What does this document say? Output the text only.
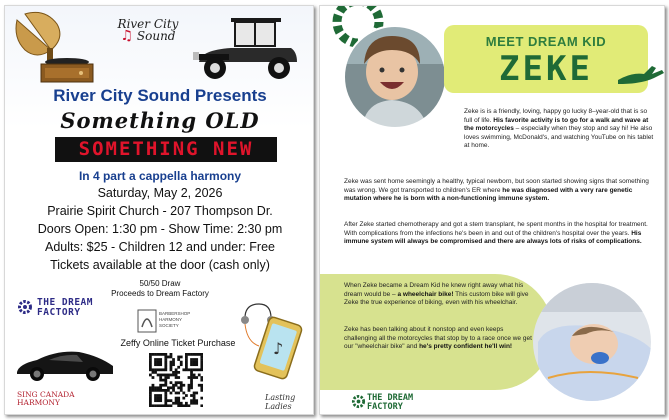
River City
♫ Sound
River City Sound Presents
Something OLD
SOMETHING NEW
In 4 part a cappella harmony
Saturday, May 2, 2026
Prairie Spirit Church - 207 Thompson Dr.
Doors Open: 1:30 pm - Show Time: 2:30 pm
Adults: $25 - Children 12 and under: Free
Tickets available at the door (cash only)
50/50 Draw
Proceeds to Dream Factory
THE DREAM
FACTORY	BARBERSHOP
HARMONY
SOCIETY
♪
Zeffy Online Ticket Purchase
SING CANADA
HARMONY
Lasting Ladies
MEET DREAM KID
ZEKE
Zeke is is a friendly, loving, happy go lucky 8–year-old that is so full of life. His favorite activity is to go for a walk and wave at the motorcycles – especially when they stop and say hi! He also loves swimming, McDonald's, and watching YouTube on his tablet at home.
Zeke was sent home seemingly a healthy, typical newborn, but soon started showing signs that something was wrong. We got transported to children's ER where he was diagnosed with a very rare genetic mutation where he is born with a non-functioning immune system.
After Zeke started chemotherapy and got a stem transplant, he spent months in the hospital for treatment. With complications from the infections he's been in and out of the children's hospital over the years. His immune system will always be compromised and there are always lots of risks of complications.
When Zeke became a Dream Kid he knew right away what his dream would be – a wheelchair bike! This custom bike will give Zeke the true experience of biking, even with his wheelchair.
Zeke has been talking about it nonstop and even keeps challenging all the motorcycles that stop by to a race once we get our "wheelchair bike" and he's pretty confident he'll win!
THE DREAM
FACTORY
